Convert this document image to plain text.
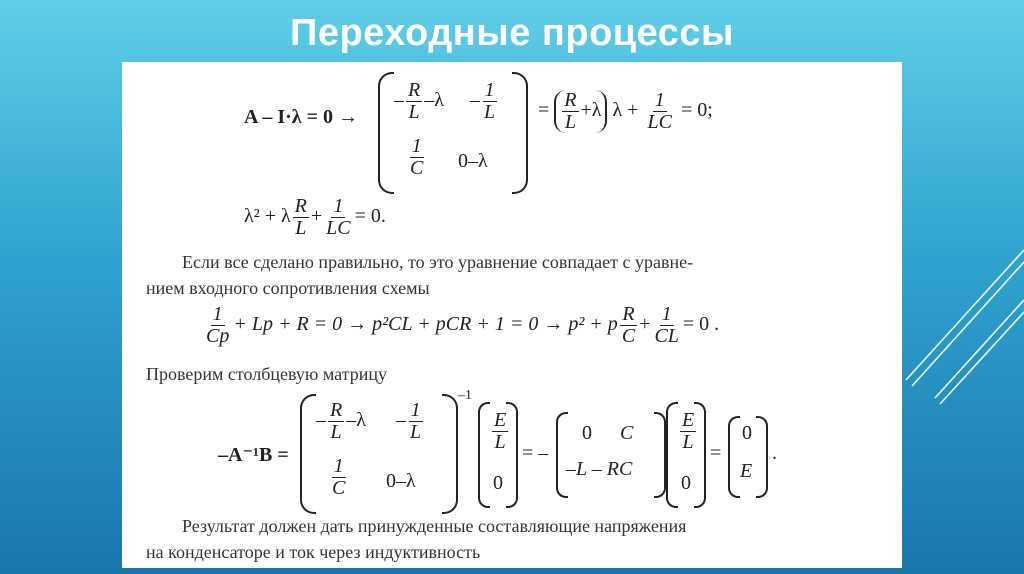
Переходные процессы
A – I·λ = 0 →
– $\frac{R}{L} -\lambda - \frac{1}{L}$
$\frac{1}{C} 0-\lambda$
= $\frac{R}{L} +\lambda$ $\lambda + \frac{1}{LC} = 0$;
λ² + λ $\frac{R}{L} + \frac{1}{LC} = 0$.
Если все сделано правильно, то это уравнение совпадает с уравне-
нием входного сопротивления схемы
$\frac{1}{Cp} + Lp + R = 0 \to p^2CL$ + pCR + 1 = 0 → p² + p $\frac{R}{C} + \frac{1}{CL} = 0$ .
Проверим столбцевую матрицу
–A⁻¹B =
– $\frac{R}{L} -\lambda - \frac{1}{L}$
$\frac{1}{C} 0-\lambda$
–1
$\frac{E}{L}$
0
= –
0 C
–L – RC
$\frac{E}{L}$
0
=
0
E
.
Результат должен дать принужденные составляющие напряжения
на конденсаторе и ток через индуктивность
